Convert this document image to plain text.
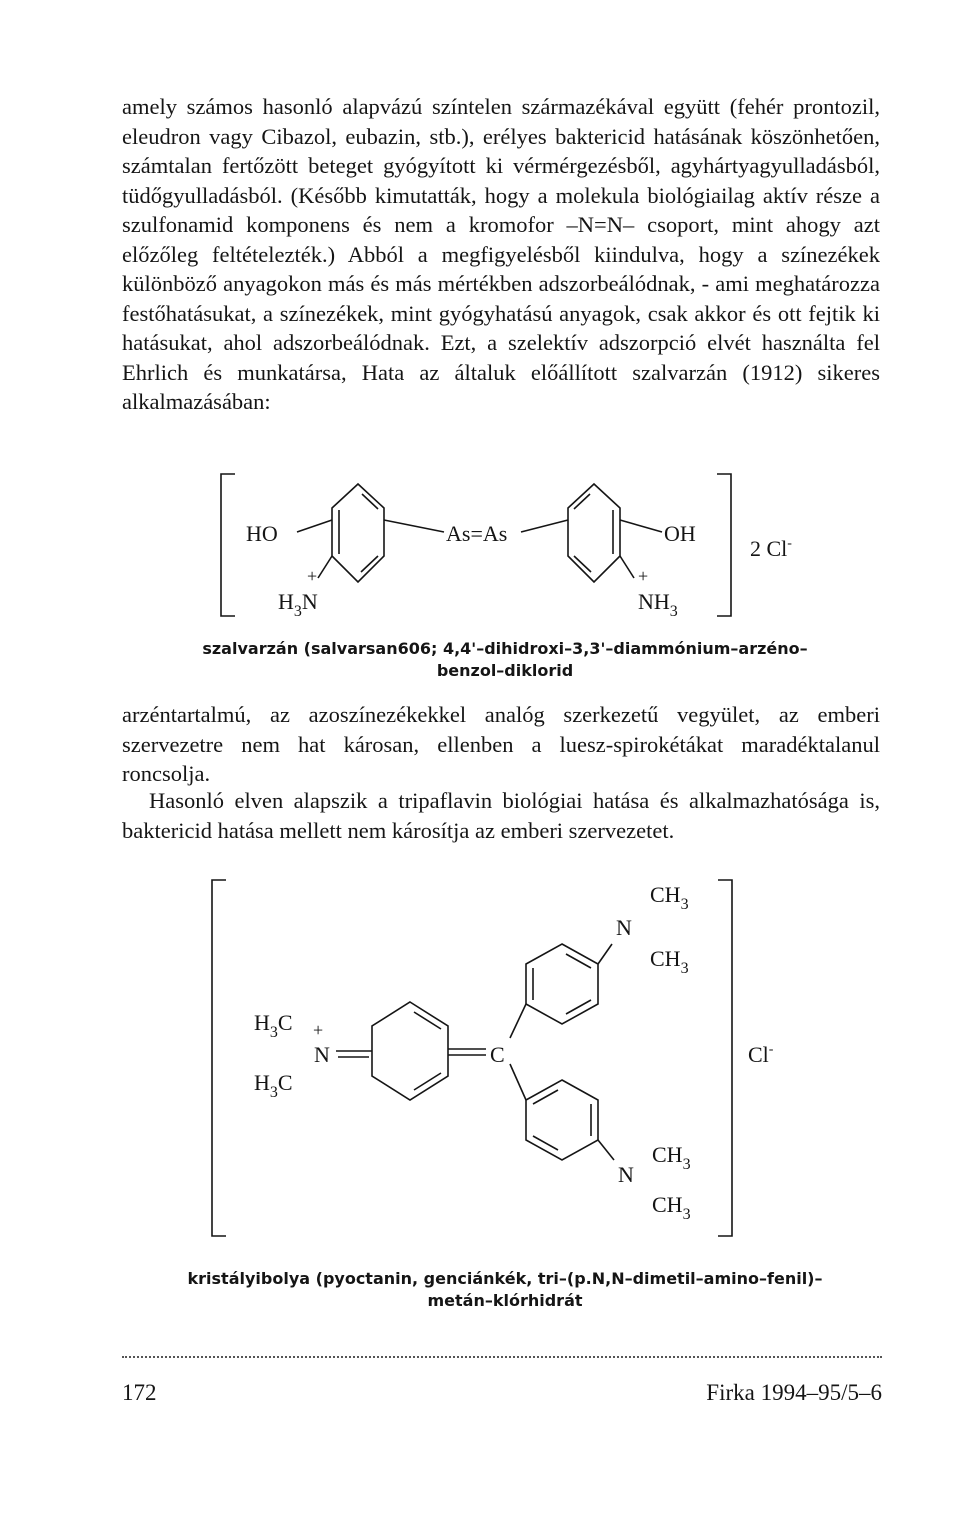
amely számos hasonló alapvázú színtelen származékával együtt (fehér prontozil, eleudron vagy Cibazol, eubazin, stb.), erélyes baktericid hatásának köszönhetően, számtalan fertőzött beteget gyógyított ki vérmérgezésből, agyhártyagyulladásból, tüdőgyulladásból. (Később kimutatták, hogy a molekula biológiailag aktív része a szulfonamid komponens és nem a kromofor –N=N– csoport, mint ahogy azt előzőleg feltételezték.) Abból a megfigyelésből kiindulva, hogy a színezékek különböző anyagokon más és más mértékben adszorbeálódnak, - ami meghatározza festőhatásukat, a színezékek, mint gyógyhatású anyagok, csak akkor és ott fejtik ki hatásukat, ahol adszorbeálódnak. Ezt, a szelektív adszorpció elvét használta fel Ehrlich és munkatársa, Hata az általuk előállított szalvarzán (1912) sikeres alkalmazásában:

HO	As=As	OH
+	+
$H_3N$	$NH_3$
2 Cl-
szalvarzán (salvarsan606; 4,4'–dihidroxi–3,3'–diammónium–arzéno–
benzol–diklorid

arzéntartalmú, az azoszínezékekkel analóg szerkezetű vegyület, az emberi szervezetre nem hat károsan, ellenben a luesz-spirokétákat maradéktalanul roncsolja.

Hasonló elven alapszik a tripaflavin biológiai hatása és alkalmazhatósága is, baktericid hatása mellett nem károsítja az emberi szervezetet.

$CH_3$
N
$CH_3$
$H_3C$ +
N
$H_3C$
C	Cl-
$CH_3$
N
$CH_3$
kristályibolya (pyoctanin, genciánkék, tri–(p.N,N–dimetil–amino–fenil)–
metán–klórhidrát
172	Firka 1994–95/5–6
